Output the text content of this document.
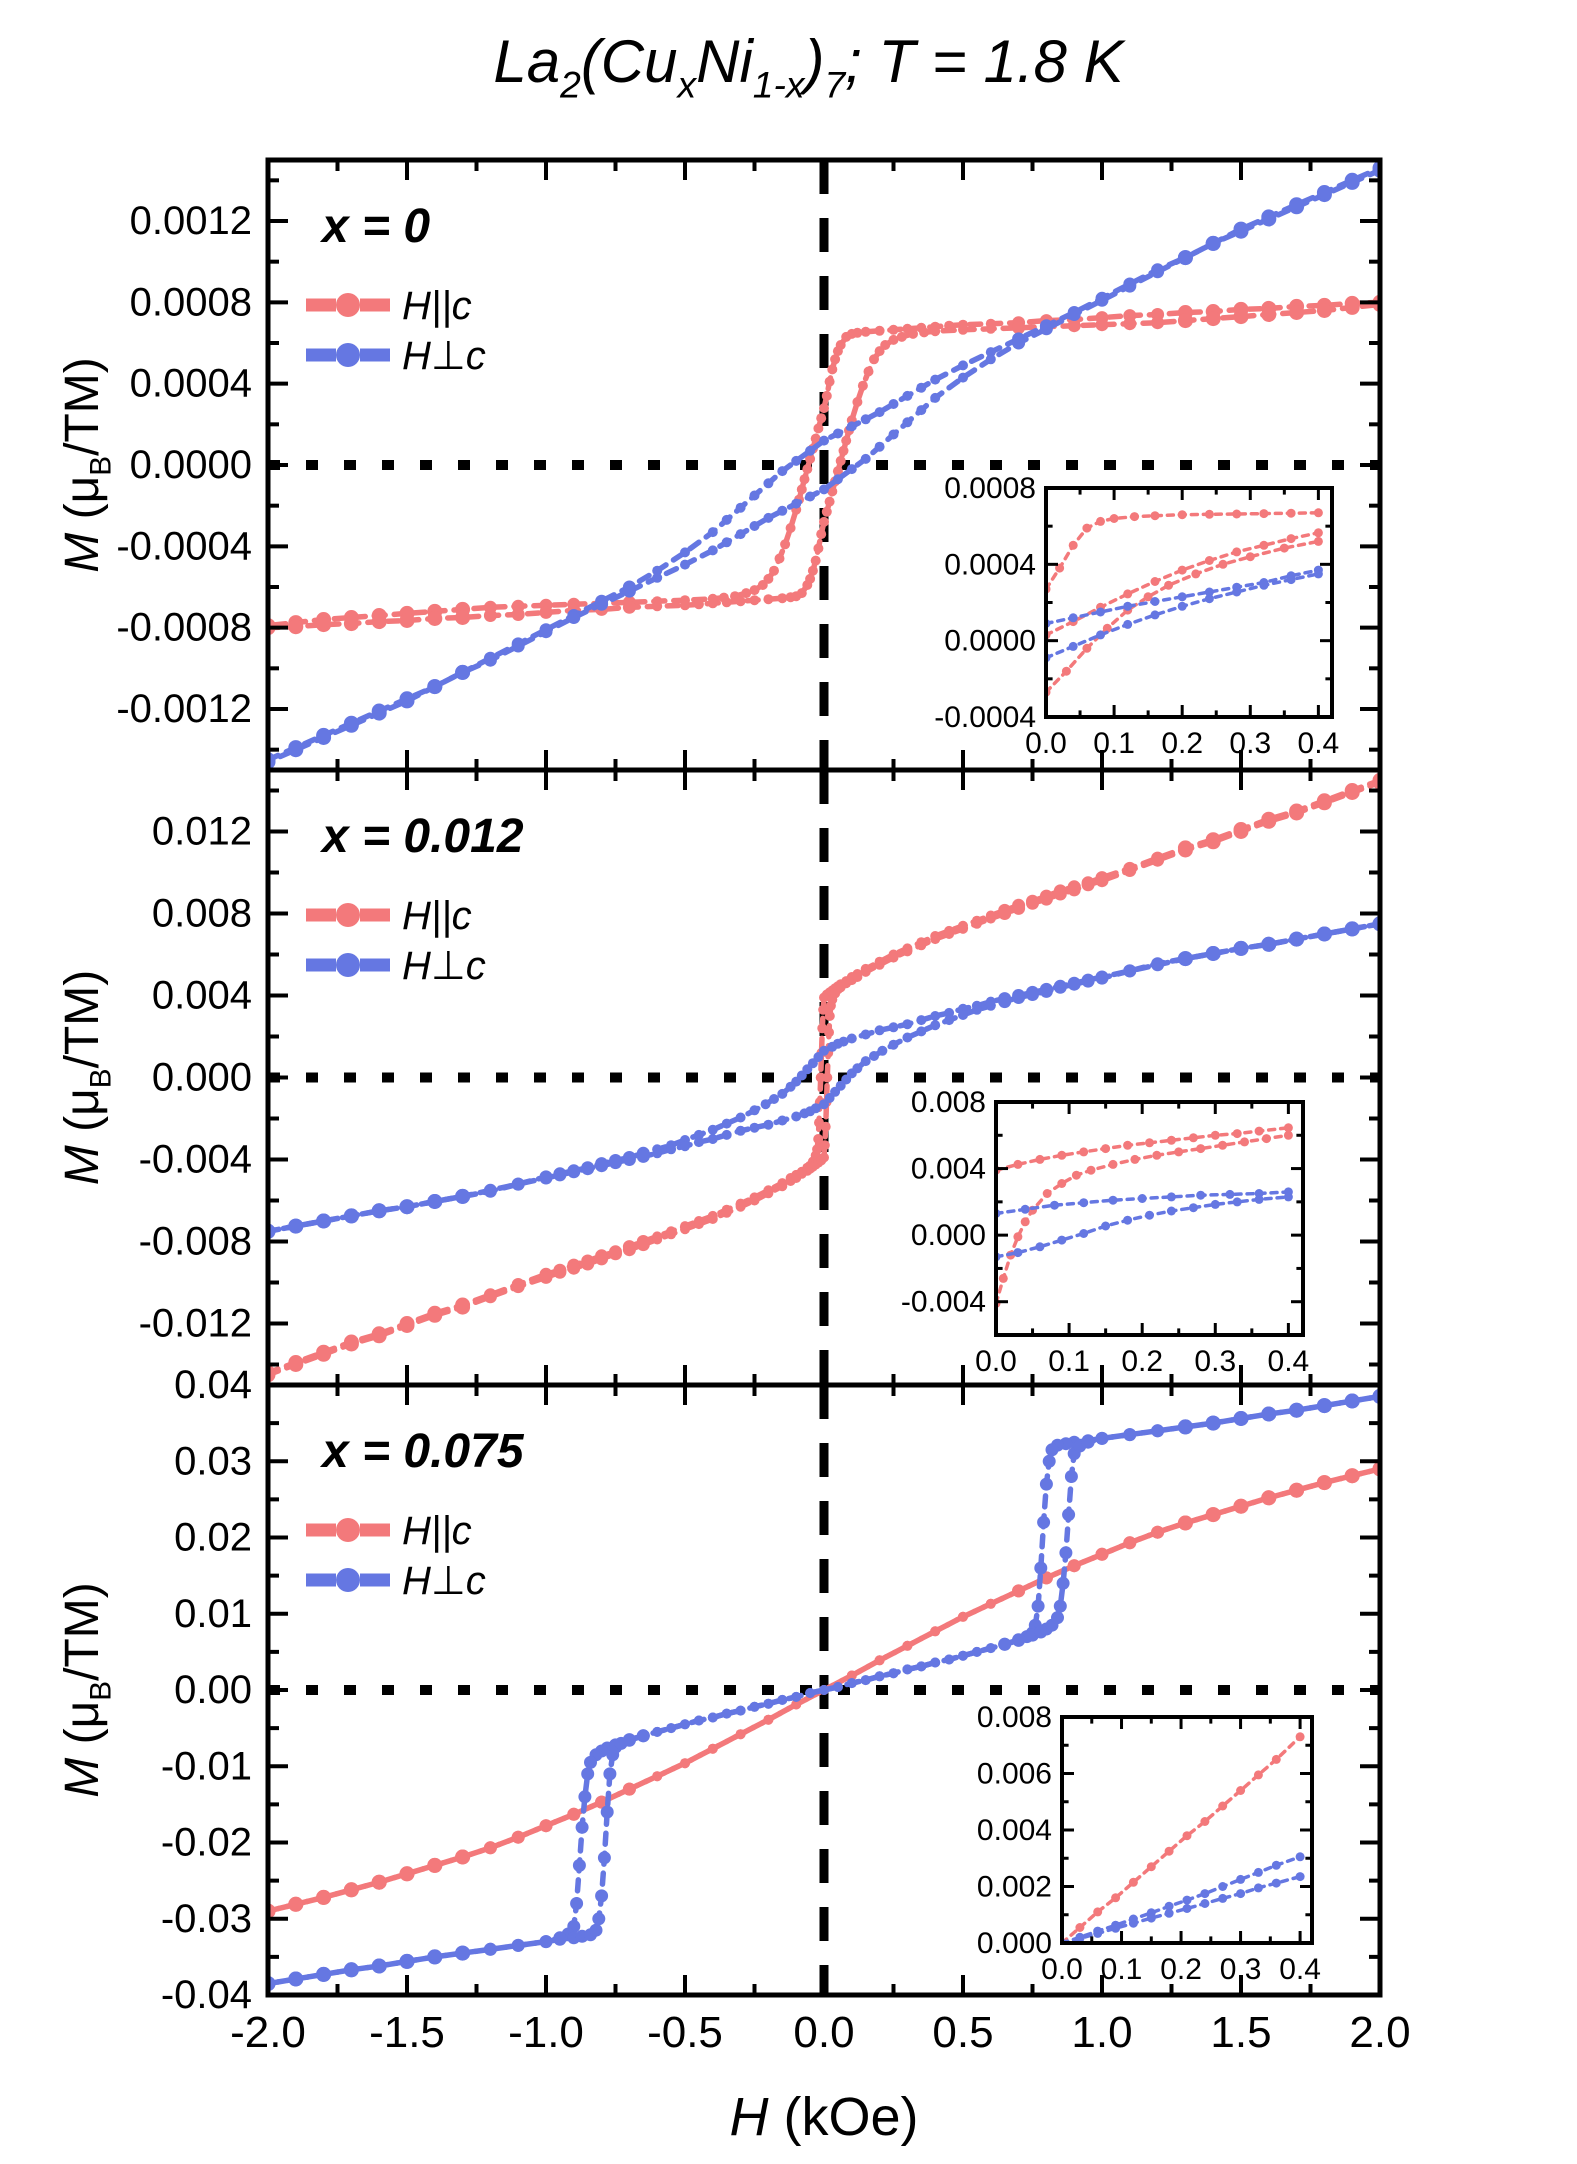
$La_2(Cu_xNi_{1-x})_7$; T = 1.8 K
0.0012
0.0008
0.0004
0.0000
-0.0004
-0.0008
-0.0012
x = 0
H||c
H⊥c
M $(\mu_B/TM)$
0.0008
0.0004
0.0000
-0.0004
0.0 0.1 0.2 0.3 0.4
0.012
0.008
0.004
0.000
-0.004
-0.008
-0.012
x = 0.012
H||c
H⊥c
M $(\mu_B/TM)$
0.008
0.004
0.000
-0.004
0.0 0.1 0.2 0.3 0.4
0.04
0.03
0.02
0.01
0.00
-0.01
-0.02
-0.03
-0.04
x = 0.075
H||c
H⊥c
M $(\mu_B/TM)$
0.008
0.006
0.004
0.002
0.000
0.0 0.1 0.2 0.3 0.4
-2.0 -1.5 -1.0 -0.5 0.0 0.5 1.0 1.5 2.0
H (kOe)
